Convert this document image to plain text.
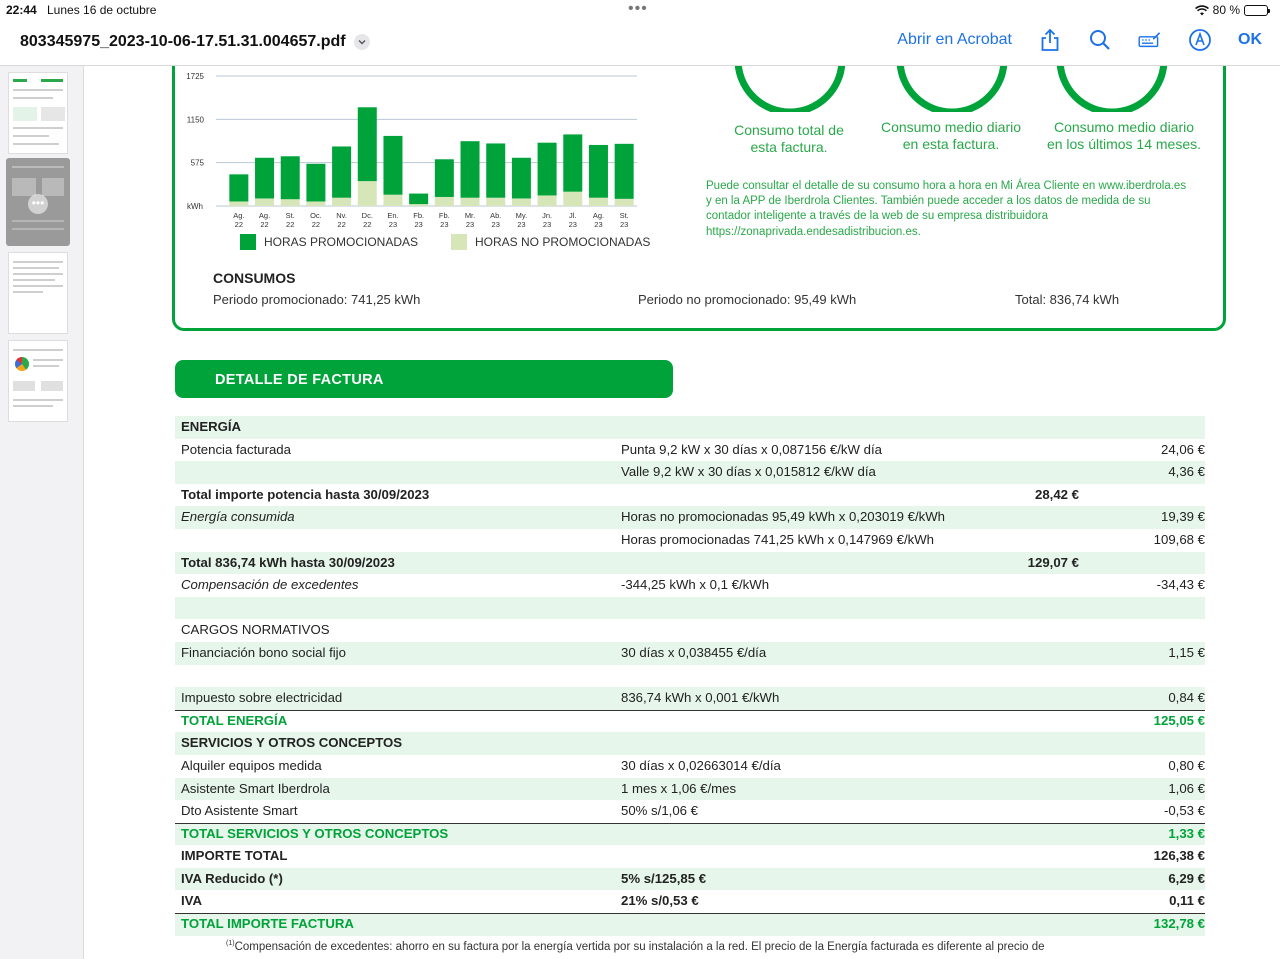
22:44 Lunes 16 de octubre	•••	80 %
803345975_2023-10-06-17.51.31.004657.pdf	Abrir en Acrobat	OK
•••
575
1150
1725
kWh
Ag.
22
Ag.
22
St.
22
Oc.
22
Nv.
22
Dc.
22
En.
23
Fb.
23
Fb.
23
Mr.
23
Ab.
23
My.
23
Jn.
23
Jl.
23
Ag.
23
St.
23
HORAS PROMOCIONADAS	HORAS NO PROMOCIONADAS
CONSUMOS
Periodo promocionado: 741,25 kWh	Periodo no promocionado: 95,49 kWh	Total: 836,74 kWh
Consumo total de
esta factura.
Consumo medio diario
en esta factura.
Consumo medio diario
en los últimos 14 meses.
Puede consultar el detalle de su consumo hora a hora en Mi Área Cliente en www.iberdrola.es
y en la APP de Iberdrola Clientes. También puede acceder a los datos de medida de su
contador inteligente a través de la web de su empresa distribuidora
https://zonaprivada.endesadistribucion.es.
DETALLE DE FACTURA
ENERGÍA
Potencia facturada	Punta 9,2 kW x 30 días x 0,087156 €/kW día	24,06 €
Valle 9,2 kW x 30 días x 0,015812 €/kW día	4,36 €
Total importe potencia hasta 30/09/2023	28,42 €
Energía consumida	Horas no promocionadas 95,49 kWh x 0,203019 €/kWh	19,39 €
Horas promocionadas 741,25 kWh x 0,147969 €/kWh	109,68 €
Total 836,74 kWh hasta 30/09/2023	129,07 €
Compensación de excedentes	-344,25 kWh x 0,1 €/kWh	-34,43 €
CARGOS NORMATIVOS
Financiación bono social fijo	30 días x 0,038455 €/día	1,15 €
Impuesto sobre electricidad	836,74 kWh x 0,001 €/kWh	0,84 €
TOTAL ENERGÍA	125,05 €
SERVICIOS Y OTROS CONCEPTOS
Alquiler equipos medida	30 días x 0,02663014 €/día	0,80 €
Asistente Smart Iberdrola	1 mes x 1,06 €/mes	1,06 €
Dto Asistente Smart	50% s/1,06 €	-0,53 €
TOTAL SERVICIOS Y OTROS CONCEPTOS	1,33 €
IMPORTE TOTAL	126,38 €
IVA Reducido (*)	5% s/125,85 €	6,29 €
IVA	21% s/0,53 €	0,11 €
TOTAL IMPORTE FACTURA	132,78 €
$^{(1)}$Compensación de excedentes: ahorro en su factura por la energía vertida por su instalación a la red. El precio de la Energía facturada es diferente al precio de
